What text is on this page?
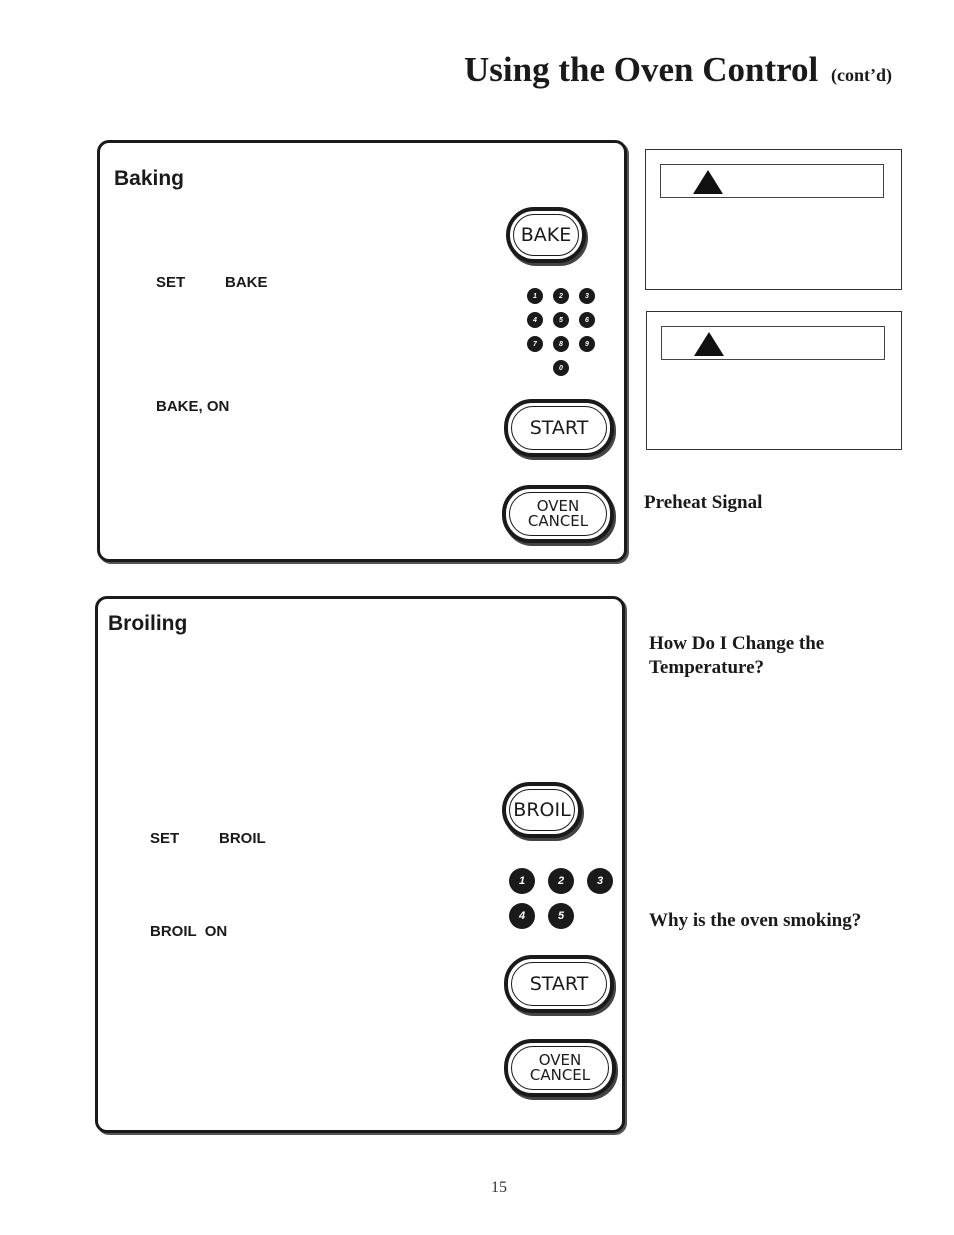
Using the Oven Control (cont’d)
Baking
SET	BAKE
BAKE, ON
BAKE
1	2	3
4	5	6
7	8	9
0
START
OVEN
CANCEL
Broiling
SET	BROIL
BROIL  ON
BROIL
1	2	3
4	5
START
OVEN
CANCEL
Preheat Signal
How Do I Change the
Temperature?
Why is the oven smoking?
15
